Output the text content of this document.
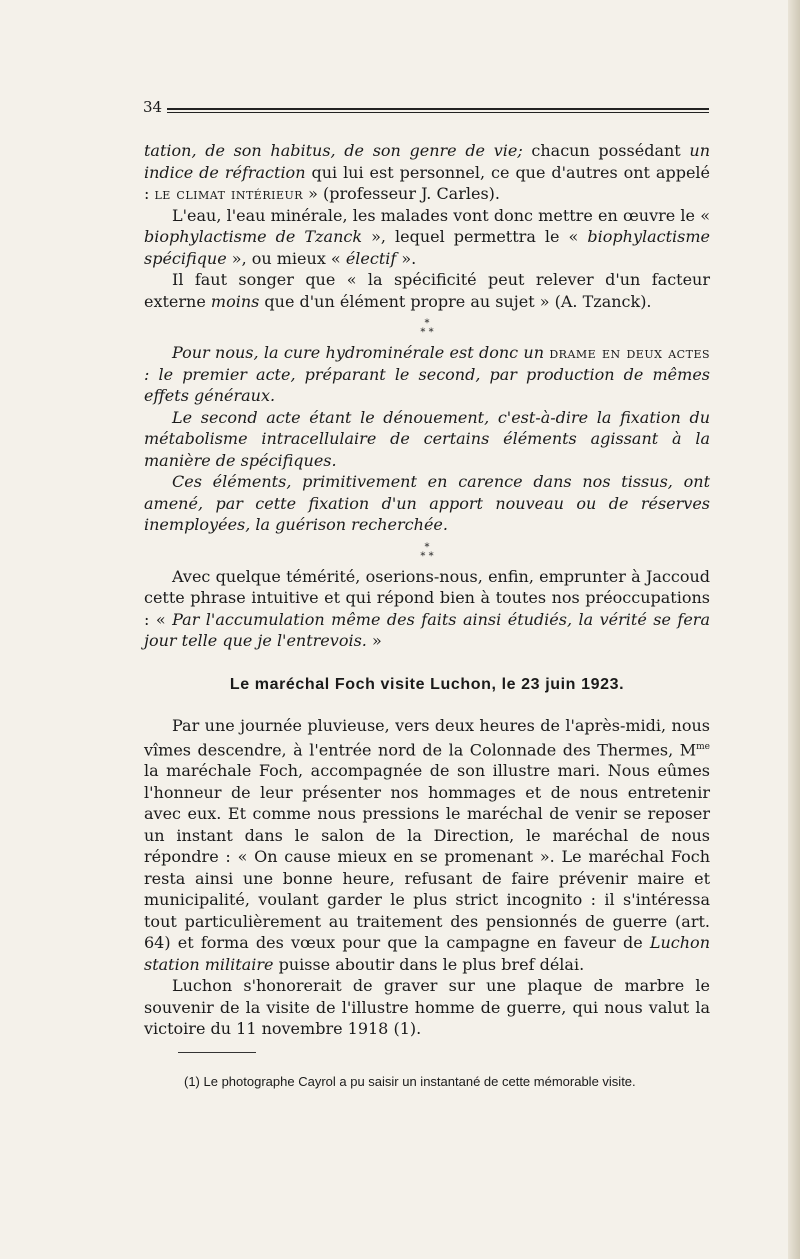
34

tation, de son habitus, de son genre de vie; chacun possédant un indice de réfraction qui lui est personnel, ce que d'autres ont appelé : le climat intérieur » (professeur J. Carles).

L'eau, l'eau minérale, les malades vont donc mettre en œuvre le « biophylactisme de Tzanck », lequel permettra le « biophylactisme spécifique », ou mieux « électif ».

Il faut songer que « la spécificité peut relever d'un facteur externe moins que d'un élément propre au sujet » (A. Tzanck).

*
* *

Pour nous, la cure hydrominérale est donc un drame en deux actes : le premier acte, préparant le second, par production de mêmes effets généraux.

Le second acte étant le dénouement, c'est-à-dire la fixation du métabolisme intracellulaire de certains éléments agissant à la manière de spécifiques.

Ces éléments, primitivement en carence dans nos tissus, ont amené, par cette fixation d'un apport nouveau ou de réserves inemployées, la guérison recherchée.

*
* *

Avec quelque témérité, oserions-nous, enfin, emprunter à Jaccoud cette phrase intuitive et qui répond bien à toutes nos préoccupations : « Par l'accumulation même des faits ainsi étudiés, la vérité se fera jour telle que je l'entrevois. »

Le maréchal Foch visite Luchon, le 23 juin 1923.

Par une journée pluvieuse, vers deux heures de l'après-midi, nous vîmes descendre, à l'entrée nord de la Colonnade des Thermes, $M^{me}$ la maréchale Foch, accompagnée de son illustre mari. Nous eûmes l'honneur de leur présenter nos hommages et de nous entretenir avec eux. Et comme nous pressions le maréchal de venir se reposer un instant dans le salon de la Direction, le maréchal de nous répondre : « On cause mieux en se promenant ». Le maréchal Foch resta ainsi une bonne heure, refusant de faire prévenir maire et municipalité, voulant garder le plus strict incognito : il s'intéressa tout particulièrement au traitement des pensionnés de guerre (art. 64) et forma des vœux pour que la campagne en faveur de Luchon station militaire puisse aboutir dans le plus bref délai.

Luchon s'honorerait de graver sur une plaque de marbre le souvenir de la visite de l'illustre homme de guerre, qui nous valut la victoire du 11 novembre 1918 (1).

(1) Le photographe Cayrol a pu saisir un instantané de cette mémorable visite.
